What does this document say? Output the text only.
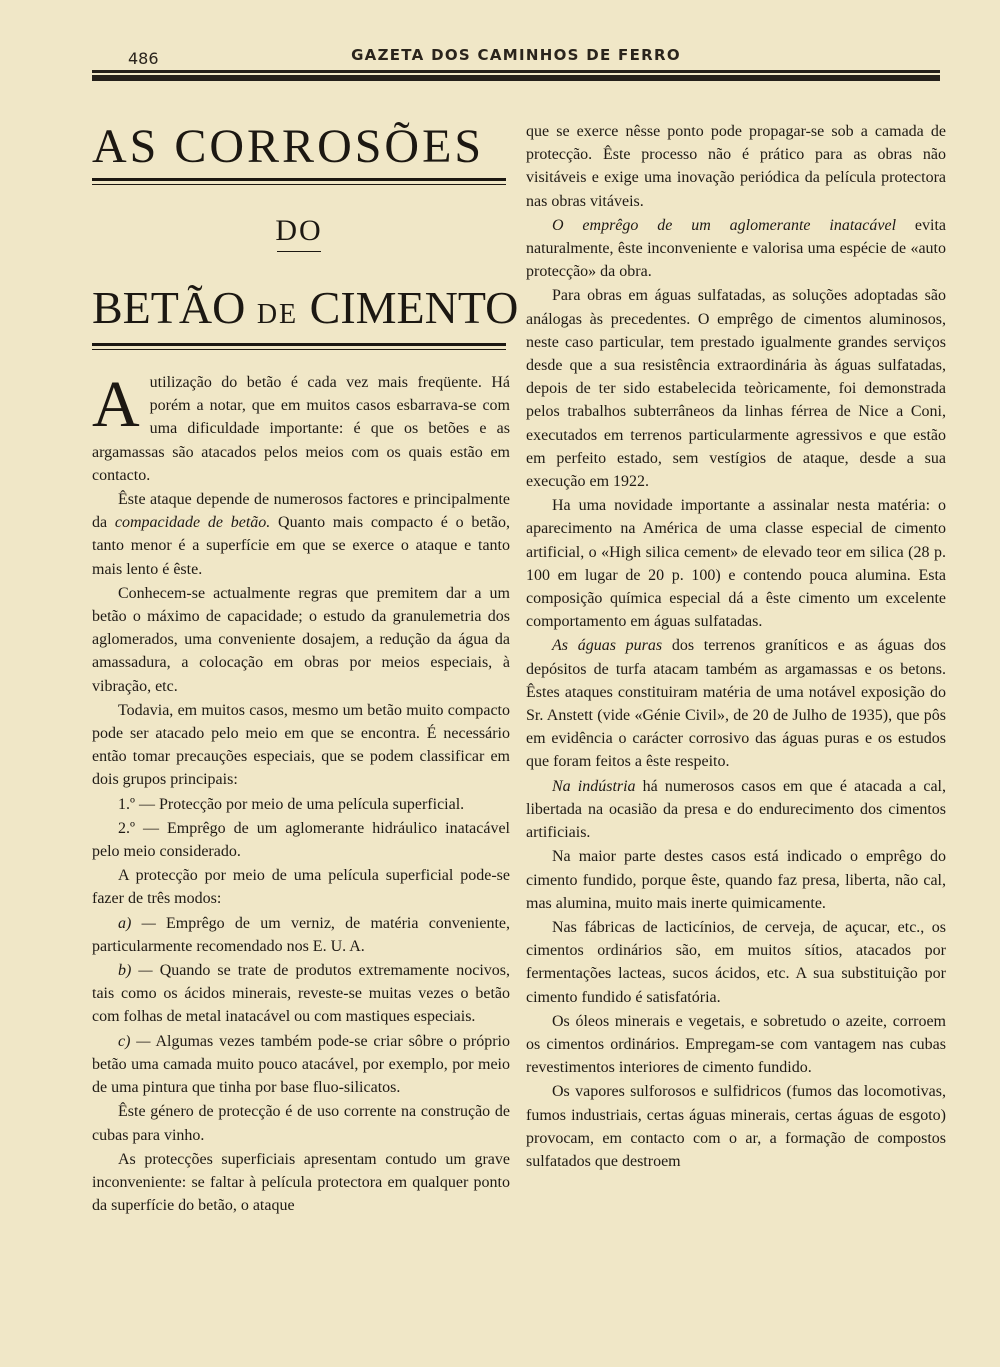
486	GAZETA DOS CAMINHOS DE FERRO
AS CORROSÕES
DO
BETÃO DE CIMENTO

Autilização do betão é cada vez mais freqüente. Há porém a notar, que em muitos casos esbarrava-se com uma dificuldade importante: é que os betões e as argamassas são atacados pelos meios com os quais estão em contacto.

Êste ataque depende de numerosos factores e principalmente da compacidade de betão. Quanto mais compacto é o betão, tanto menor é a superfície em que se exerce o ataque e tanto mais lento é êste.

Conhecem-se actualmente regras que premitem dar a um betão o máximo de capacidade; o estudo da granulemetria dos aglomerados, uma conveniente dosajem, a redução da água da amassadura, a colocação em obras por meios especiais, à vibração, etc.

Todavia, em muitos casos, mesmo um betão muito compacto pode ser atacado pelo meio em que se encontra. É necessário então tomar precauções especiais, que se podem classificar em dois grupos principais:

1.º — Protecção por meio de uma película superficial.

2.º — Emprêgo de um aglomerante hidráulico inatacável pelo meio considerado.

A protecção por meio de uma película superficial pode-se fazer de três modos:

a) — Emprêgo de um verniz, de matéria conveniente, particularmente recomendado nos E. U. A.

b) — Quando se trate de produtos extremamente nocivos, tais como os ácidos minerais, reveste-se muitas vezes o betão com folhas de metal inatacável ou com mastiques especiais.

c) — Algumas vezes também pode-se criar sôbre o próprio betão uma camada muito pouco atacável, por exemplo, por meio de uma pintura que tinha por base fluo-silicatos.

Êste género de protecção é de uso corrente na construção de cubas para vinho.

As protecções superficiais apresentam contudo um grave inconveniente: se faltar à película protectora em qualquer ponto da superfície do betão, o ataque

que se exerce nêsse ponto pode propagar-se sob a camada de protecção. Êste processo não é prático para as obras não visitáveis e exige uma inovação periódica da película protectora nas obras vitáveis.

O emprêgo de um aglomerante inatacável evita naturalmente, êste inconveniente e valorisa uma espécie de «auto protecção» da obra.

Para obras em águas sulfatadas, as soluções adoptadas são análogas às precedentes. O emprêgo de cimentos aluminosos, neste caso particular, tem prestado igualmente grandes serviços desde que a sua resistência extraordinária às águas sulfatadas, depois de ter sido estabelecida teòricamente, foi demonstrada pelos trabalhos subterrâneos da linhas férrea de Nice a Coni, executados em terrenos particularmente agressivos e que estão em perfeito estado, sem vestígios de ataque, desde a sua execução em 1922.

Ha uma novidade importante a assinalar nesta matéria: o aparecimento na América de uma classe especial de cimento artificial, o «High silica cement» de elevado teor em silica (28 p. 100 em lugar de 20 p. 100) e contendo pouca alumina. Esta composição química especial dá a êste cimento um excelente comportamento em águas sulfatadas.

As águas puras dos terrenos graníticos e as águas dos depósitos de turfa atacam também as argamassas e os betons. Êstes ataques constituiram matéria de uma notável exposição do Sr. Anstett (vide «Génie Civil», de 20 de Julho de 1935), que pôs em evidência o carácter corrosivo das águas puras e os estudos que foram feitos a êste respeito.

Na indústria há numerosos casos em que é atacada a cal, libertada na ocasião da presa e do endurecimento dos cimentos artificiais.

Na maior parte destes casos está indicado o emprêgo do cimento fundido, porque êste, quando faz presa, liberta, não cal, mas alumina, muito mais inerte quimicamente.

Nas fábricas de lacticínios, de cerveja, de açucar, etc., os cimentos ordinários são, em muitos sítios, atacados por fermentações lacteas, sucos ácidos, etc. A sua substituição por cimento fundido é satisfatória.

Os óleos minerais e vegetais, e sobretudo o azeite, corroem os cimentos ordinários. Empregam-se com vantagem nas cubas revestimentos interiores de cimento fundido.

Os vapores sulforosos e sulfidricos (fumos das locomotivas, fumos industriais, certas águas minerais, certas águas de esgoto) provocam, em contacto com o ar, a formação de compostos sulfatados que destroem
